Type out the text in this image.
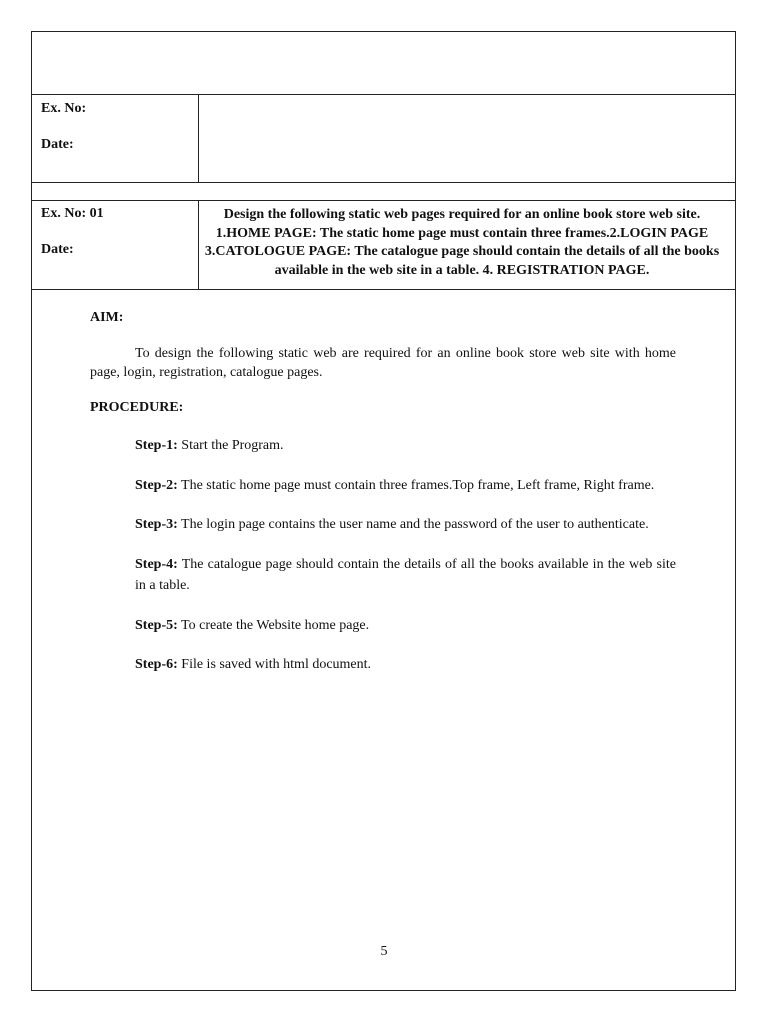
Ex. No:
Date:
Ex. No: 01
Date:
Design the following static web pages required for an online book store web site. 1.HOME PAGE: The static home page must contain three frames.2.LOGIN PAGE 3.CATOLOGUE PAGE: The catalogue page should contain the details of all the books available in the web site in a table. 4. REGISTRATION PAGE.

AIM:

To design the following static web are required for an online book store web site with home page, login, registration, catalogue pages.

PROCEDURE:

Step-1: Start the Program.

Step-2: The static home page must contain three frames.Top frame, Left frame, Right frame.

Step-3: The login page contains the user name and the password of the user to authenticate.

Step-4: The catalogue page should contain the details of all the books available in the web site in a table.

Step-5: To create the Website home page.

Step-6: File is saved with html document.

5
